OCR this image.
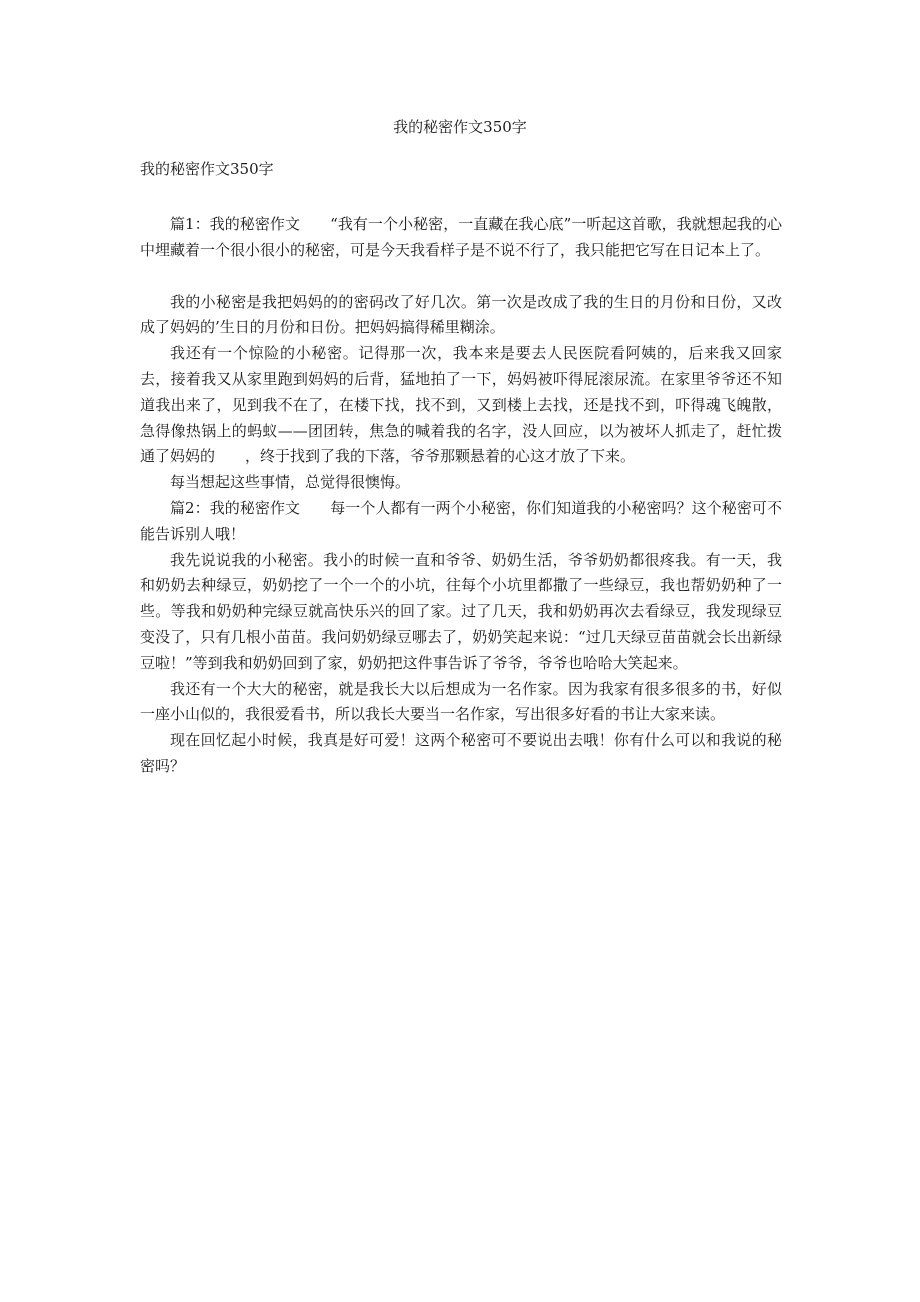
我的秘密作文350字
我的秘密作文350字

篇1：我的秘密作文　　“我有一个小秘密，一直藏在我心底”一听起这首歌，我就想起我的心中埋藏着一个很小很小的秘密，可是今天我看样子是不说不行了，我只能把它写在日记本上了。

我的小秘密是我把妈妈的的密码改了好几次。第一次是改成了我的生日的月份和日份，又改成了妈妈的’生日的月份和日份。把妈妈搞得稀里糊涂。

我还有一个惊险的小秘密。记得那一次，我本来是要去人民医院看阿姨的，后来我又回家去，接着我又从家里跑到妈妈的后背，猛地拍了一下，妈妈被吓得屁滚尿流。在家里爷爷还不知道我出来了，见到我不在了，在楼下找，找不到，又到楼上去找，还是找不到，吓得魂飞魄散，急得像热锅上的蚂蚁——团团转，焦急的喊着我的名字，没人回应，以为被坏人抓走了，赶忙拨通了妈妈的　　，终于找到了我的下落，爷爷那颗悬着的心这才放了下来。

每当想起这些事情，总觉得很懊悔。

篇2：我的秘密作文　　每一个人都有一两个小秘密，你们知道我的小秘密吗？这个秘密可不能告诉别人哦！

我先说说我的小秘密。我小的时候一直和爷爷、奶奶生活，爷爷奶奶都很疼我。有一天，我和奶奶去种绿豆，奶奶挖了一个一个的小坑，往每个小坑里都撒了一些绿豆，我也帮奶奶种了一些。等我和奶奶种完绿豆就高快乐兴的回了家。过了几天，我和奶奶再次去看绿豆，我发现绿豆变没了，只有几根小苗苗。我问奶奶绿豆哪去了，奶奶笑起来说：“过几天绿豆苗苗就会长出新绿豆啦！”等到我和奶奶回到了家，奶奶把这件事告诉了爷爷，爷爷也哈哈大笑起来。

我还有一个大大的秘密，就是我长大以后想成为一名作家。因为我家有很多很多的书，好似一座小山似的，我很爱看书，所以我长大要当一名作家，写出很多好看的书让大家来读。

现在回忆起小时候，我真是好可爱！这两个秘密可不要说出去哦！你有什么可以和我说的秘密吗？
